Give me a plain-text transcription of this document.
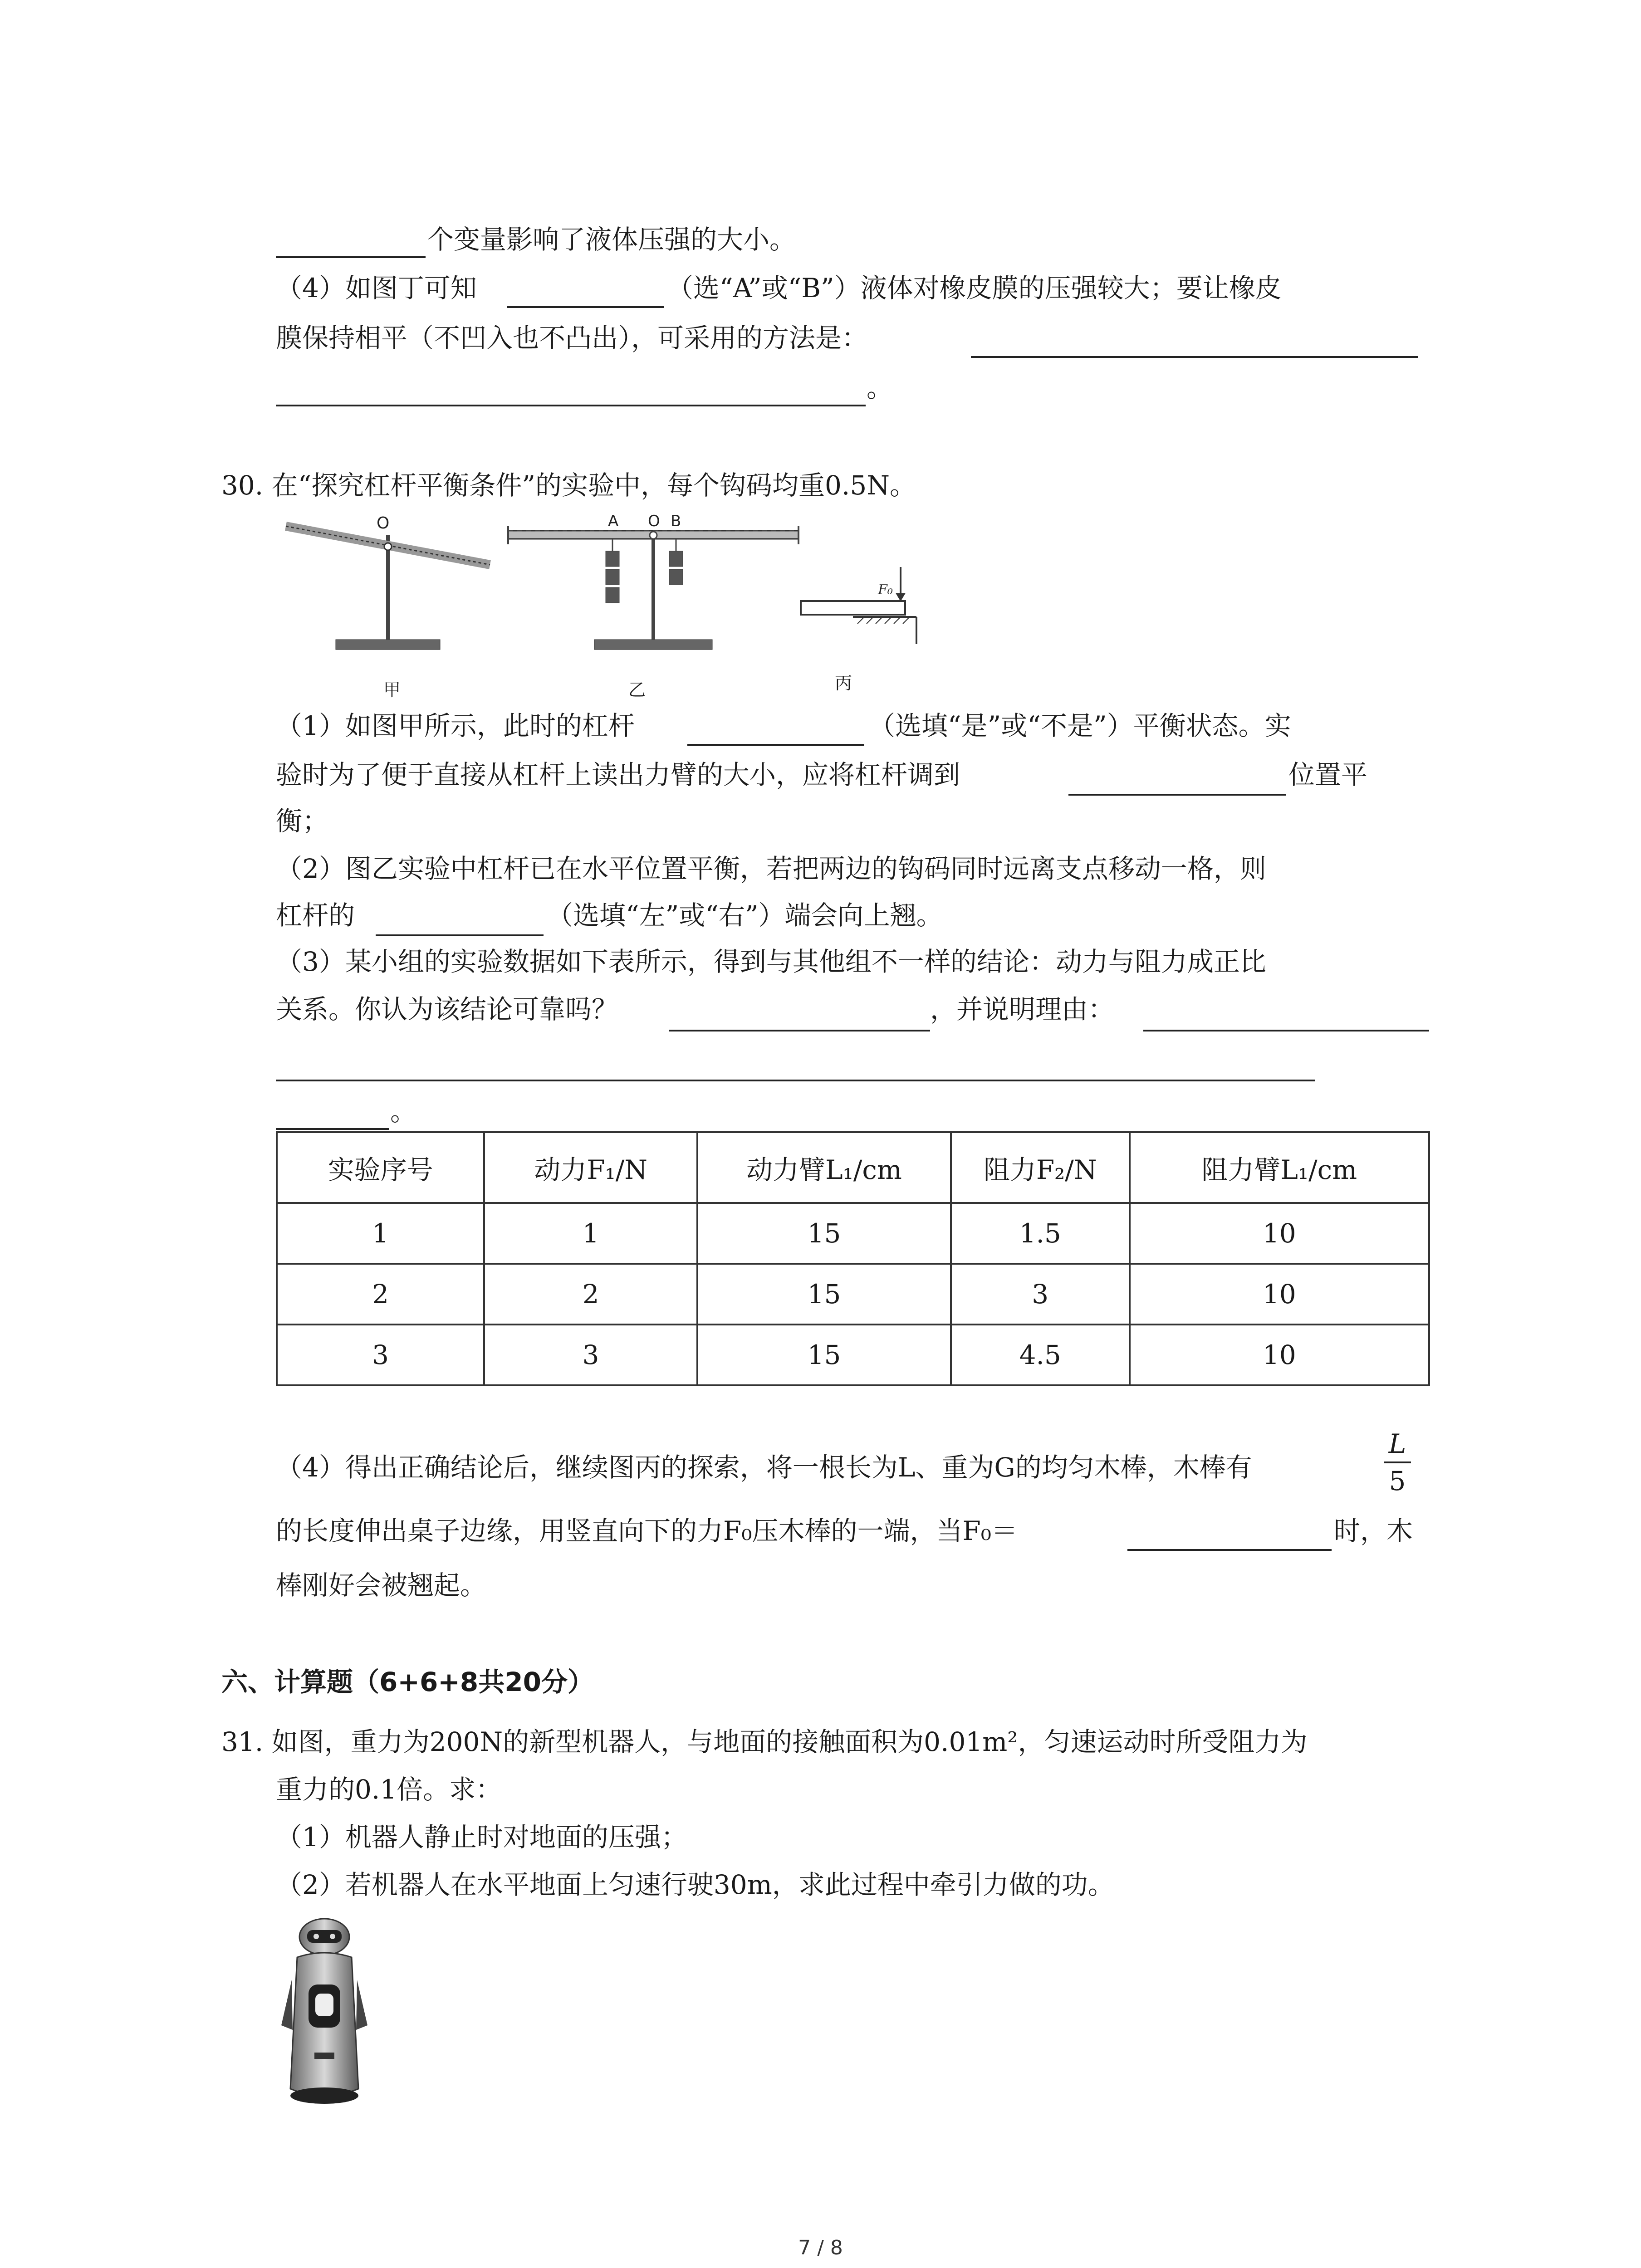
个变量影响了液体压强的大小。
（4）如图丁可知	（选“A”或“B”）液体对橡皮膜的压强较大；要让橡皮
膜保持相平（不凹入也不凸出），可采用的方法是：
。
30. 在“探究杠杆平衡条件”的实验中，每个钩码均重0.5N。
O	A O B
F₀
甲	乙	丙
（1）如图甲所示，此时的杠杆	（选填“是”或“不是”）平衡状态。实
验时为了便于直接从杠杆上读出力臂的大小，应将杠杆调到	位置平
衡；
（2）图乙实验中杠杆已在水平位置平衡，若把两边的钩码同时远离支点移动一格，则
杠杆的	（选填“左”或“右”）端会向上翘。
（3）某小组的实验数据如下表所示，得到与其他组不一样的结论：动力与阻力成正比
关系。你认为该结论可靠吗？	，并说明理由：
。
实验序号	动力F₁/N	动力臂L₁/cm	阻力F₂/N	阻力臂L₁/cm
1	1	15	1.5	10
2	2	15	3	10
3	3	15	4.5	10
（4）得出正确结论后，继续图丙的探索，将一根长为L、重为G的均匀木棒，木棒有
L
5
的长度伸出桌子边缘，用竖直向下的力F₀压木棒的一端，当F₀＝	时，木
棒刚好会被翘起。
六、计算题（6+6+8共20分）
31. 如图，重力为200N的新型机器人，与地面的接触面积为0.01m²，匀速运动时所受阻力为
重力的0.1倍。求：
（1）机器人静止时对地面的压强；
（2）若机器人在水平地面上匀速行驶30m，求此过程中牵引力做的功。
7 / 8
